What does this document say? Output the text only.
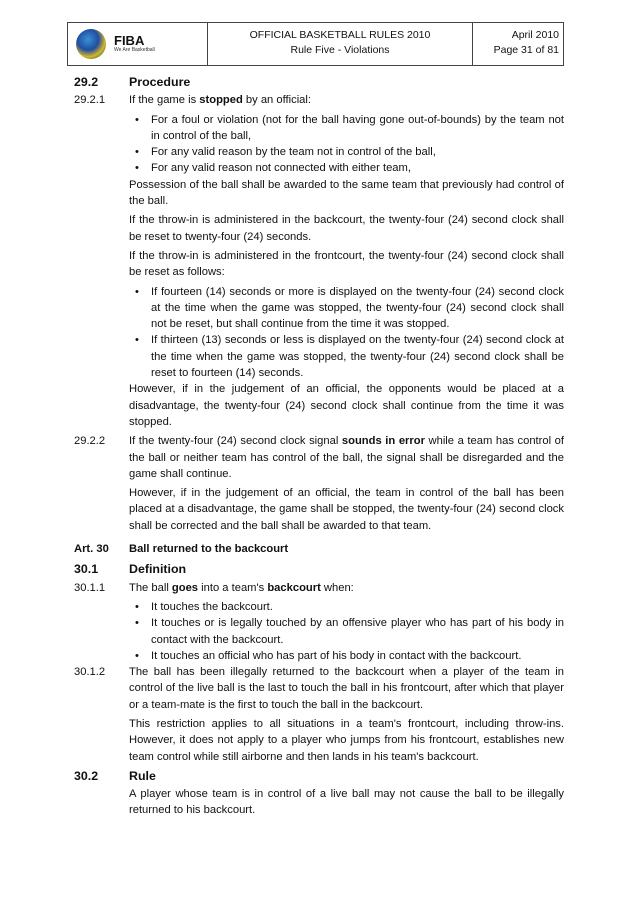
FIBA
We Are Basketball
OFFICIAL BASKETBALL RULES 2010
Rule Five - Violations
April 2010
Page 31 of 81
29.2	Procedure
29.2.1	If the game is stopped by an official:

• For a foul or violation (not for the ball having gone out-of-bounds) by the team not in control of the ball,
• For any valid reason by the team not in control of the ball,
• For any valid reason not connected with either team,

Possession of the ball shall be awarded to the same team that previously had control of the ball.

If the throw-in is administered in the backcourt, the twenty-four (24) second clock shall be reset to twenty-four (24) seconds.

If the throw-in is administered in the frontcourt, the twenty-four (24) second clock shall be reset as follows:

• If fourteen (14) seconds or more is displayed on the twenty-four (24) second clock at the time when the game was stopped, the twenty-four (24) second clock shall not be reset, but shall continue from the time it was stopped.
• If thirteen (13) seconds or less is displayed on the twenty-four (24) second clock at the time when the game was stopped, the twenty-four (24) second clock shall be reset to fourteen (14) seconds.

However, if in the judgement of an official, the opponents would be placed at a disadvantage, the twenty-four (24) second clock shall continue from the time it was stopped.

29.2.2	If the twenty-four (24) second clock signal sounds in error while a team has control of the ball or neither team has control of the ball, the signal shall be disregarded and the game shall continue.

However, if in the judgement of an official, the team in control of the ball has been placed at a disadvantage, the game shall be stopped, the twenty-four (24) second clock shall be corrected and the ball shall be awarded to that team.

Art. 30	Ball returned to the backcourt
30.1	Definition
30.1.1	The ball goes into a team's backcourt when:

• It touches the backcourt.
• It touches or is legally touched by an offensive player who has part of his body in contact with the backcourt.
• It touches an official who has part of his body in contact with the backcourt.
30.1.2	The ball has been illegally returned to the backcourt when a player of the team in control of the live ball is the last to touch the ball in his frontcourt, after which that player or a team-mate is the first to touch the ball in the backcourt.

This restriction applies to all situations in a team's frontcourt, including throw-ins. However, it does not apply to a player who jumps from his frontcourt, establishes new team control while still airborne and then lands in his team's backcourt.

30.2	Rule

A player whose team is in control of a live ball may not cause the ball to be illegally returned to his backcourt.
